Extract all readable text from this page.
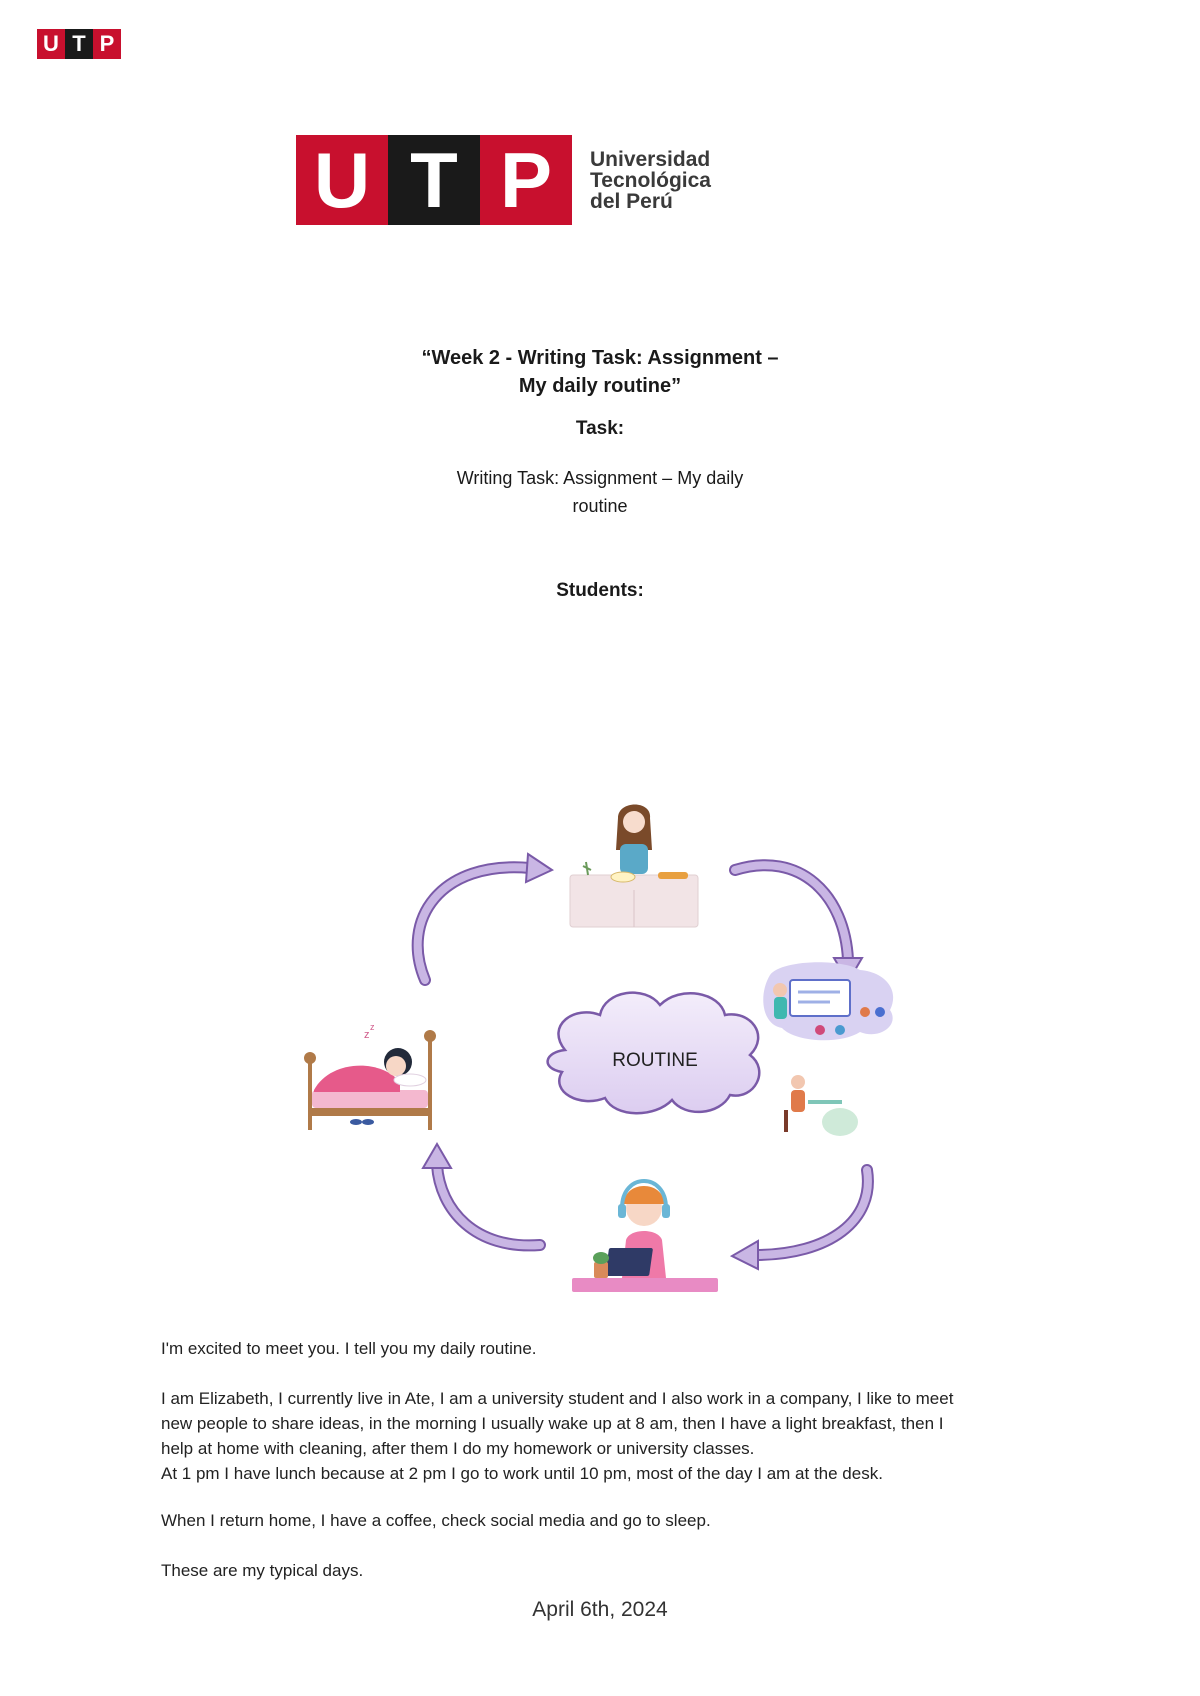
U T P
U T P	Universidad
Tecnológica
del Perú
“Week 2 - Writing Task: Assignment –
My daily routine”
Task:
Writing Task: Assignment – My daily
routine
Students:
ROUTINE
z
z

I'm excited to meet you. I tell you my daily routine.

I am Elizabeth, I currently live in Ate, I am a university student and I also work in a company, I like to meet

new people to share ideas, in the morning I usually wake up at 8 am, then I have a light breakfast, then I

help at home with cleaning, after them I do my homework or university classes.

At 1 pm I have lunch because at 2 pm I go to work until 10 pm, most of the day I am at the desk.

When I return home, I have a coffee, check social media and go to sleep.

These are my typical days.

April 6th, 2024
